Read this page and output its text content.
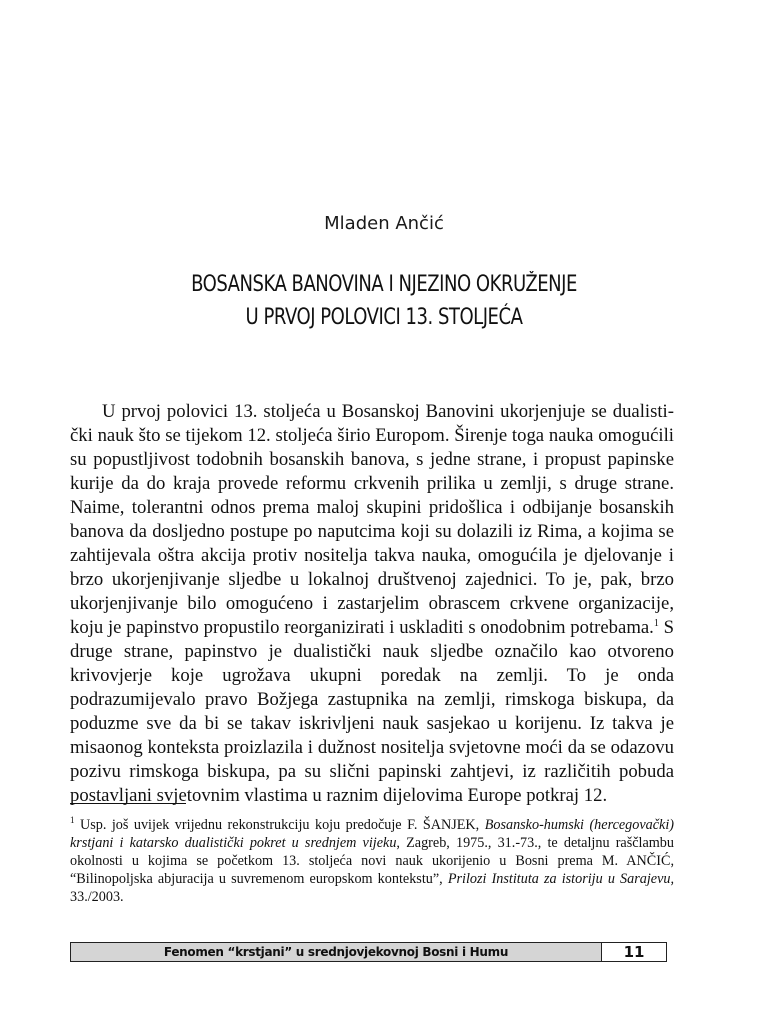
Mladen Ančić
BOSANSKA BANOVINA I NJEZINO OKRUŽENJE
U PRVOJ POLOVICI 13. STOLJEĆA

U prvoj polovici 13. stoljeća u Bosanskoj Banovini ukorjenjuje se dualistički nauk što se tijekom 12. stoljeća širio Europom. Širenje toga nauka omogućili su popustljivost todobnih bosanskih banova, s jedne strane, i propust papinske kurije da do kraja provede reformu crkvenih prilika u zemlji, s druge strane. Naime, tolerantni odnos prema maloj skupini pridošlica i odbijanje bosanskih banova da dosljedno postupe po naputcima koji su dolazili iz Rima, a kojima se zahtijevala oštra akcija protiv nositelja takva nauka, omogućila je djelovanje i brzo ukorjenjivanje sljedbe u lokalnoj društvenoj zajednici. To je, pak, brzo ukorjenjivanje bilo omogućeno i zastarjelim obrascem crkvene organizacije, koju je papinstvo propustilo reorganizirati i uskladiti s onodobnim potrebama.$^1$ S druge strane, papinstvo je dualistički nauk sljedbe označilo kao otvoreno krivovjerje koje ugrožava ukupni poredak na zemlji. To je onda podrazumijevalo pravo Božjega zastupnika na zemlji, rimskoga biskupa, da poduzme sve da bi se takav iskrivljeni nauk sasjekao u korijenu. Iz takva je misaonog konteksta proizlazila i dužnost nositelja svjetovne moći da se odazovu pozivu rimskoga biskupa, pa su slični papinski zahtjevi, iz različitih pobuda postavljani svjetovnim vlastima u raznim dijelovima Europe potkraj 12.

$^1$ Usp. još uvijek vrijednu rekonstrukciju koju predočuje F. ŠANJEK, Bosansko-humski (hercegovački) krstjani i katarsko dualistički pokret u srednjem vijeku, Zagreb, 1975., 31.-73., te detaljnu raščlambu okolnosti u kojima se početkom 13. stoljeća novi nauk ukorijenio u Bosni prema M. ANČIĆ, “Bilinopoljska abjuracija u suvremenom europskom kontekstu”, Prilozi Instituta za istoriju u Sarajevu, 33./2003.

Fenomen “krstjani” u srednjovjekovnoj Bosni i Humu	11
